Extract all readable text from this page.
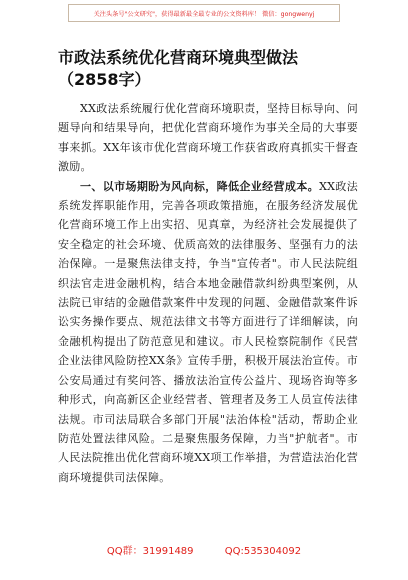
关注头条号"公文研究"，获得最新最全最专业的公文资料库！ 微信：gongwenyj
市政法系统优化营商环境典型做法（2858字）

XX政法系统履行优化营商环境职责，坚持目标导向、问题导向和结果导向，把优化营商环境作为事关全局的大事要事来抓。XX年该市优化营商环境工作获省政府真抓实干督查激励。

一、以市场期盼为风向标，降低企业经营成本。XX政法系统发挥职能作用，完善各项政策措施，在服务经济发展优化营商环境工作上出实招、见真章，为经济社会发展提供了安全稳定的社会环境、优质高效的法律服务、坚强有力的法治保障。一是聚焦法律支持，争当"宣传者"。市人民法院组织法官走进金融机构，结合本地金融借款纠纷典型案例，从法院已审结的金融借款案件中发现的问题、金融借款案件诉讼实务操作要点、规范法律文书等方面进行了详细解读，向金融机构提出了防范意见和建议。市人民检察院制作《民营企业法律风险防控XX条》宣传手册，积极开展法治宣传。市公安局通过有奖问答、播放法治宣传公益片、现场咨询等多种形式，向高新区企业经营者、管理者及务工人员宣传法律法规。市司法局联合多部门开展"法治体检"活动，帮助企业防范处置法律风险。二是聚焦服务保障，力当"护航者"。市人民法院推出优化营商环境XX项工作举措，为营造法治化营商环境提供司法保障。

QQ群：31991489	QQ:535304092
